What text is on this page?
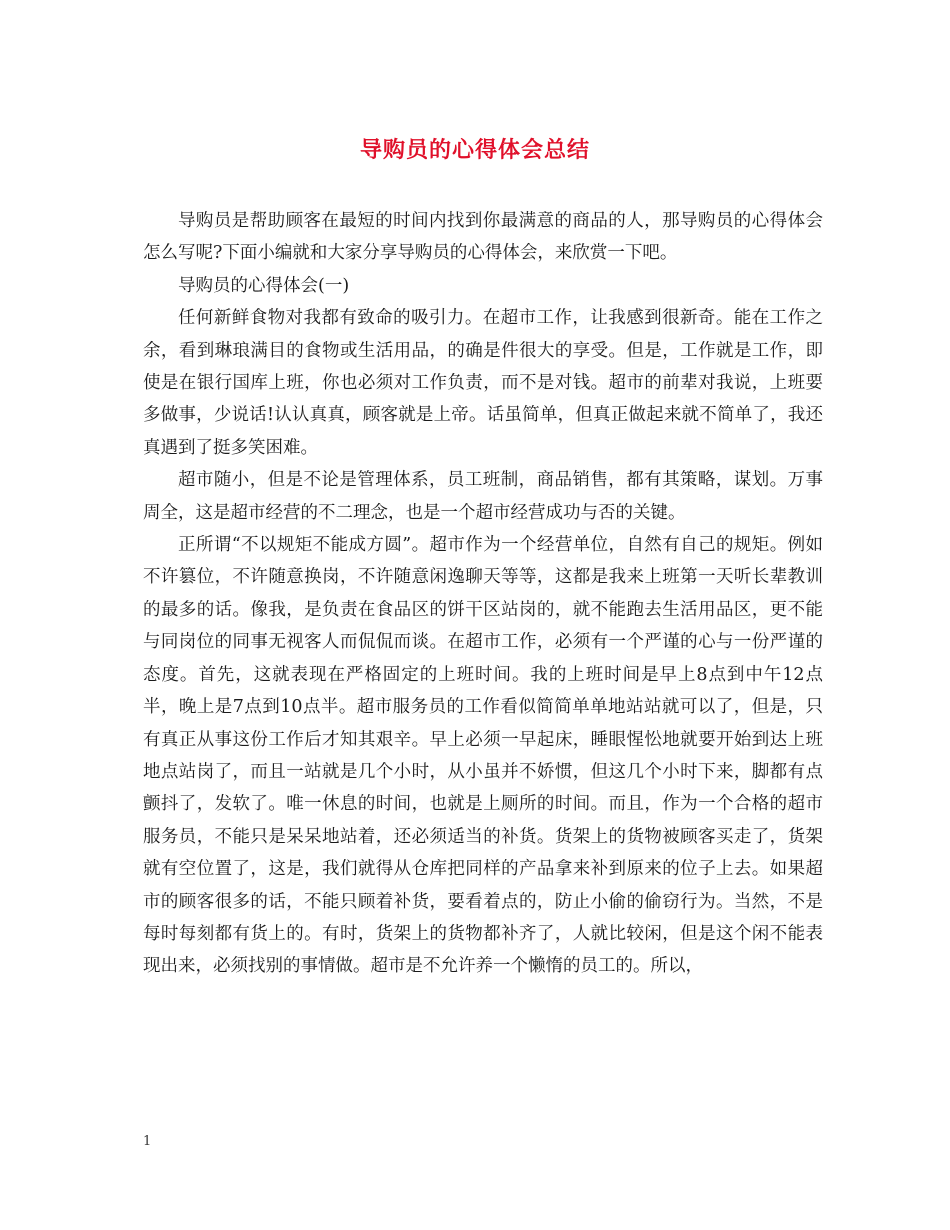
导购员的心得体会总结

导购员是帮助顾客在最短的时间内找到你最满意的商品的人，那导购员的心得体会怎么写呢?下面小编就和大家分享导购员的心得体会，来欣赏一下吧。

导购员的心得体会(一)

任何新鲜食物对我都有致命的吸引力。在超市工作，让我感到很新奇。能在工作之余，看到琳琅满目的食物或生活用品，的确是件很大的享受。但是，工作就是工作，即使是在银行国库上班，你也必须对工作负责，而不是对钱。超市的前辈对我说，上班要多做事，少说话!认认真真，顾客就是上帝。话虽简单，但真正做起来就不简单了，我还真遇到了挺多笑困难。

超市随小，但是不论是管理体系，员工班制，商品销售，都有其策略，谋划。万事周全，这是超市经营的不二理念，也是一个超市经营成功与否的关键。

正所谓“不以规矩不能成方圆”。超市作为一个经营单位，自然有自己的规矩。例如不许篡位，不许随意换岗，不许随意闲逸聊天等等，这都是我来上班第一天听长辈教训的最多的话。像我，是负责在食品区的饼干区站岗的，就不能跑去生活用品区，更不能与同岗位的同事无视客人而侃侃而谈。在超市工作，必须有一个严谨的心与一份严谨的态度。首先，这就表现在严格固定的上班时间。我的上班时间是早上8点到中午12点半，晚上是7点到10点半。超市服务员的工作看似简简单单地站站就可以了，但是，只有真正从事这份工作后才知其艰辛。早上必须一早起床，睡眼惺忪地就要开始到达上班地点站岗了，而且一站就是几个小时，从小虽并不娇惯，但这几个小时下来，脚都有点颤抖了，发软了。唯一休息的时间，也就是上厕所的时间。而且，作为一个合格的超市服务员，不能只是呆呆地站着，还必须适当的补货。货架上的货物被顾客买走了，货架就有空位置了，这是，我们就得从仓库把同样的产品拿来补到原来的位子上去。如果超市的顾客很多的话，不能只顾着补货，要看着点的，防止小偷的偷窃行为。当然，不是每时每刻都有货上的。有时，货架上的货物都补齐了，人就比较闲，但是这个闲不能表现出来，必须找别的事情做。超市是不允许养一个懒惰的员工的。所以，

1
